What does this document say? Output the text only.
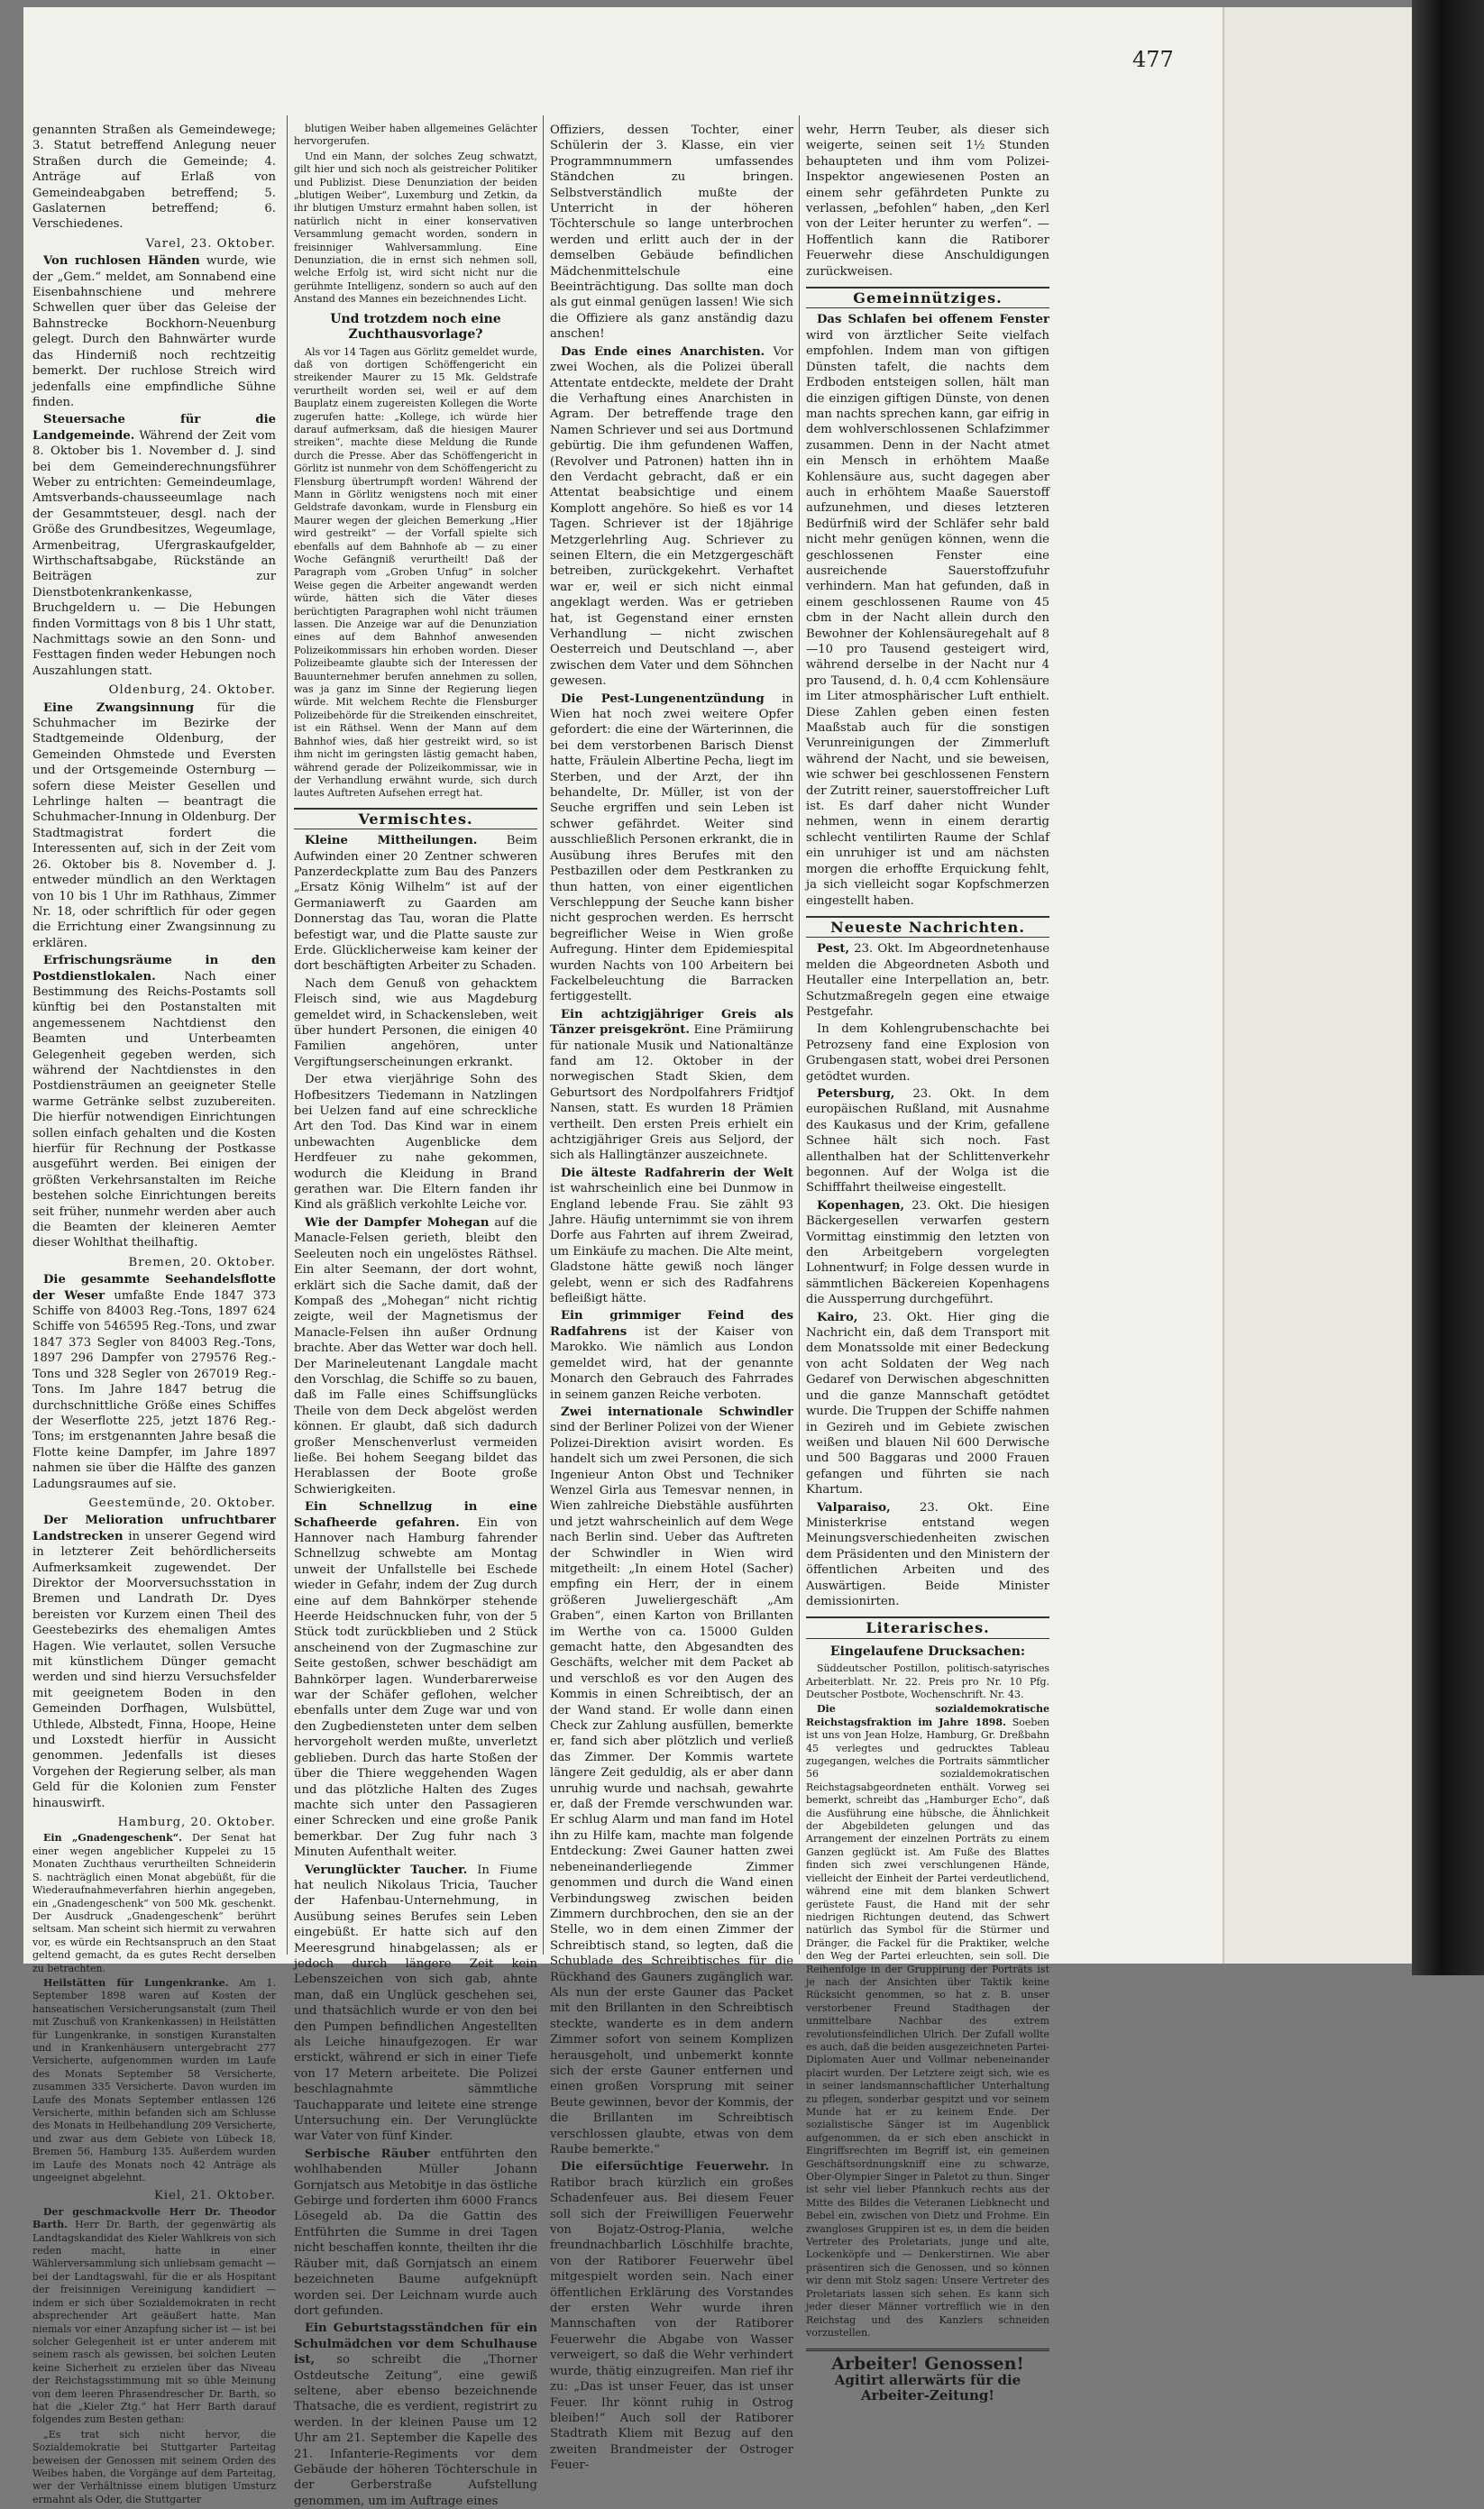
477

genannten Straßen als Gemeindewege; 3. Statut betreffend Anlegung neuer Straßen durch die Gemeinde; 4. Anträge auf Erlaß von Gemeindeabgaben betreffend; 5. Gaslaternen betreffend; 6. Verschiedenes.

Varel, 23. Oktober.

Von ruchlosen Händen wurde, wie der „Gem.“ meldet, am Sonnabend eine Eisenbahnschiene und mehrere Schwellen quer über das Geleise der Bahnstrecke Bockhorn-Neuenburg gelegt. Durch den Bahnwärter wurde das Hinderniß noch rechtzeitig bemerkt. Der ruchlose Streich wird jedenfalls eine empfindliche Sühne finden.

Steuersache für die Landgemeinde. Während der Zeit vom 8. Oktober bis 1. November d. J. sind bei dem Gemeinderechnungsführer Weber zu entrichten: Gemeindeumlage, Amtsverbands-chausseeumlage nach der Gesammtsteuer, desgl. nach der Größe des Grundbesitzes, Wegeumlage, Armenbeitrag, Ufergraskaufgelder, Wirthschaftsabgabe, Rückstände an Beiträgen zur Dienstbotenkrankenkasse, Bruchgeldern u. — Die Hebungen finden Vormittags von 8 bis 1 Uhr statt, Nachmittags sowie an den Sonn- und Festtagen finden weder Hebungen noch Auszahlungen statt.

Oldenburg, 24. Oktober.

Eine Zwangsinnung für die Schuhmacher im Bezirke der Stadtgemeinde Oldenburg, der Gemeinden Ohmstede und Eversten und der Ortsgemeinde Osternburg — sofern diese Meister Gesellen und Lehrlinge halten — beantragt die Schuhmacher-Innung in Oldenburg. Der Stadtmagistrat fordert die Interessenten auf, sich in der Zeit vom 26. Oktober bis 8. November d. J. entweder mündlich an den Werktagen von 10 bis 1 Uhr im Rathhaus, Zimmer Nr. 18, oder schriftlich für oder gegen die Errichtung einer Zwangsinnung zu erklären.

Erfrischungsräume in den Postdienstlokalen. Nach einer Bestimmung des Reichs-Postamts soll künftig bei den Postanstalten mit angemessenem Nachtdienst den Beamten und Unterbeamten Gelegenheit gegeben werden, sich während der Nachtdienstes in den Postdiensträumen an geeigneter Stelle warme Getränke selbst zuzubereiten. Die hierfür notwendigen Einrichtungen sollen einfach gehalten und die Kosten hierfür für Rechnung der Postkasse ausgeführt werden. Bei einigen der größten Verkehrsanstalten im Reiche bestehen solche Einrichtungen bereits seit früher, nunmehr werden aber auch die Beamten der kleineren Aemter dieser Wohlthat theilhaftig.

Bremen, 20. Oktober.

Die gesammte Seehandelsflotte der Weser umfaßte Ende 1847 373 Schiffe von 84003 Reg.-Tons, 1897 624 Schiffe von 546595 Reg.-Tons, und zwar 1847 373 Segler von 84003 Reg.-Tons, 1897 296 Dampfer von 279576 Reg.-Tons und 328 Segler von 267019 Reg.-Tons. Im Jahre 1847 betrug die durchschnittliche Größe eines Schiffes der Weserflotte 225, jetzt 1876 Reg.-Tons; im erstgenannten Jahre besaß die Flotte keine Dampfer, im Jahre 1897 nahmen sie über die Hälfte des ganzen Ladungsraumes auf sie.

Geestemünde, 20. Oktober.

Der Melioration unfruchtbarer Landstrecken in unserer Gegend wird in letzterer Zeit behördlicherseits Aufmerksamkeit zugewendet. Der Direktor der Moorversuchsstation in Bremen und Landrath Dr. Dyes bereisten vor Kurzem einen Theil des Geestebezirks des ehemaligen Amtes Hagen. Wie verlautet, sollen Versuche mit künstlichem Dünger gemacht werden und sind hierzu Versuchsfelder mit geeignetem Boden in den Gemeinden Dorfhagen, Wulsbüttel, Uthlede, Albstedt, Finna, Hoope, Heine und Loxstedt hierfür in Aussicht genommen. Jedenfalls ist dieses Vorgehen der Regierung selber, als man Geld für die Kolonien zum Fenster hinauswirft.

Hamburg, 20. Oktober.

Ein „Gnadengeschenk“. Der Senat hat einer wegen angeblicher Kuppelei zu 15 Monaten Zuchthaus verurtheilten Schneiderin S. nachträglich einen Monat abgebüßt, für die Wiederaufnahmeverfahren hierhin angegeben, ein „Gnadengeschenk“ von 500 Mk. geschenkt. Der Ausdruck „Gnadengeschenk“ berührt seltsam. Man scheint sich hiermit zu verwahren vor, es würde ein Rechtsanspruch an den Staat geltend gemacht, da es gutes Recht derselben zu betrachten.

Heilstätten für Lungenkranke. Am 1. September 1898 waren auf Kosten der hanseatischen Versicherungsanstalt (zum Theil mit Zuschuß von Krankenkassen) in Heilstätten für Lungenkranke, in sonstigen Kuranstalten und in Krankenhäusern untergebracht 277 Versicherte, aufgenommen wurden im Laufe des Monats September 58 Versicherte, zusammen 335 Versicherte. Davon wurden im Laufe des Monats September entlassen 126 Versicherte, mithin befanden sich am Schlusse des Monats in Heilbehandlung 209 Versicherte, und zwar aus dem Gebiete von Lübeck 18, Bremen 56, Hamburg 135. Außerdem wurden im Laufe des Monats noch 42 Anträge als ungeeignet abgelehnt.

Kiel, 21. Oktober.

Der geschmackvolle Herr Dr. Theodor Barth. Herr Dr. Barth, der gegenwärtig als Landtagskandidat des Kieler Wahlkreis von sich reden macht, hatte in einer Wählerversammlung sich unliebsam gemacht — bei der Landtagswahl, für die er als Hospitant der freisinnigen Vereinigung kandidiert — indem er sich über Sozialdemokraten in recht absprechender Art geäußert hatte. Man niemals vor einer Anzapfung sicher ist — ist bei solcher Gelegenheit ist er unter anderem mit seinem rasch als gewissen, bei solchen Leuten keine Sicherheit zu erzielen über das Niveau der Reichstagsstimmung mit so üble Meinung von dem leeren Phrasendrescher Dr. Barth, so hat die „Kieler Ztg.“ hat Herr Barth darauf folgendes zum Besten gethan:

„Es trat sich nicht hervor, die Sozialdemokratie bei Stuttgarter Parteitag beweisen der Genossen mit seinem Orden des Weibes haben, die Vorgänge auf dem Parteitag, wer der Verhältnisse einem blutigen Umsturz ermahnt als Oder, die Stuttgarter

blutigen Weiber haben allgemeines Gelächter hervorgerufen.

Und ein Mann, der solches Zeug schwatzt, gilt hier und sich noch als geistreicher Politiker und Publizist. Diese Denunziation der beiden „blutigen Weiber“, Luxemburg und Zetkin, da ihr blutigen Umsturz ermahnt haben sollen, ist natürlich nicht in einer konservativen Versammlung gemacht worden, sondern in freisinniger Wahlversammlung. Eine Denunziation, die in ernst sich nehmen soll, welche Erfolg ist, wird sicht nicht nur die gerühmte Intelligenz, sondern so auch auf den Anstand des Mannes ein bezeichnendes Licht.

Und trotzdem noch eine Zuchthausvorlage?

Als vor 14 Tagen aus Görlitz gemeldet wurde, daß von dortigen Schöffengericht ein streikender Maurer zu 15 Mk. Geldstrafe verurtheilt worden sei, weil er auf dem Bauplatz einem zugereisten Kollegen die Worte zugerufen hatte: „Kollege, ich würde hier darauf aufmerksam, daß die hiesigen Maurer streiken“, machte diese Meldung die Runde durch die Presse. Aber das Schöffengericht in Görlitz ist nunmehr von dem Schöffengericht zu Flensburg übertrumpft worden! Während der Mann in Görlitz wenigstens noch mit einer Geldstrafe davonkam, wurde in Flensburg ein Maurer wegen der gleichen Bemerkung „Hier wird gestreikt“ — der Vorfall spielte sich ebenfalls auf dem Bahnhofe ab — zu einer Woche Gefängniß verurtheilt! Daß der Paragraph vom „Groben Unfug“ in solcher Weise gegen die Arbeiter angewandt werden würde, hätten sich die Väter dieses berüchtigten Paragraphen wohl nicht träumen lassen. Die Anzeige war auf die Denunziation eines auf dem Bahnhof anwesenden Polizeikommissars hin erhoben worden. Dieser Polizeibeamte glaubte sich der Interessen der Bauunternehmer berufen annehmen zu sollen, was ja ganz im Sinne der Regierung liegen würde. Mit welchem Rechte die Flensburger Polizeibehörde für die Streikenden einschreitet, ist ein Räthsel. Wenn der Mann auf dem Bahnhof wies, daß hier gestreikt wird, so ist ihm nicht im geringsten lästig gemacht haben, während gerade der Polizeikommissar, wie in der Verhandlung erwähnt wurde, sich durch lautes Auftreten Aufsehen erregt hat.

Vermischtes.

Kleine Mittheilungen. Beim Aufwinden einer 20 Zentner schweren Panzerdeckplatte zum Bau des Panzers „Ersatz König Wilhelm“ ist auf der Germaniawerft zu Gaarden am Donnerstag das Tau, woran die Platte befestigt war, und die Platte sauste zur Erde. Glücklicherweise kam keiner der dort beschäftigten Arbeiter zu Schaden.

Nach dem Genuß von gehacktem Fleisch sind, wie aus Magdeburg gemeldet wird, in Schackensleben, weit über hundert Personen, die einigen 40 Familien angehören, unter Vergiftungserscheinungen erkrankt.

Der etwa vierjährige Sohn des Hofbesitzers Tiedemann in Natzlingen bei Uelzen fand auf eine schreckliche Art den Tod. Das Kind war in einem unbewachten Augenblicke dem Herdfeuer zu nahe gekommen, wodurch die Kleidung in Brand gerathen war. Die Eltern fanden ihr Kind als gräßlich verkohlte Leiche vor.

Wie der Dampfer Mohegan auf die Manacle-Felsen gerieth, bleibt den Seeleuten noch ein ungelöstes Räthsel. Ein alter Seemann, der dort wohnt, erklärt sich die Sache damit, daß der Kompaß des „Mohegan“ nicht richtig zeigte, weil der Magnetismus der Manacle-Felsen ihn außer Ordnung brachte. Aber das Wetter war doch hell. Der Marineleutenant Langdale macht den Vorschlag, die Schiffe so zu bauen, daß im Falle eines Schiffsunglücks Theile von dem Deck abgelöst werden können. Er glaubt, daß sich dadurch großer Menschenverlust vermeiden ließe. Bei hohem Seegang bildet das Herablassen der Boote große Schwierigkeiten.

Ein Schnellzug in eine Schafheerde gefahren. Ein von Hannover nach Hamburg fahrender Schnellzug schwebte am Montag unweit der Unfallstelle bei Eschede wieder in Gefahr, indem der Zug durch eine auf dem Bahnkörper stehende Heerde Heidschnucken fuhr, von der 5 Stück todt zurückblieben und 2 Stück anscheinend von der Zugmaschine zur Seite gestoßen, schwer beschädigt am Bahnkörper lagen. Wunderbarerweise war der Schäfer geflohen, welcher ebenfalls unter dem Zuge war und von den Zugbediensteten unter dem selben hervorgeholt werden mußte, unverletzt geblieben. Durch das harte Stoßen der über die Thiere weggehenden Wagen und das plötzliche Halten des Zuges machte sich unter den Passagieren einer Schrecken und eine große Panik bemerkbar. Der Zug fuhr nach 3 Minuten Aufenthalt weiter.

Verunglückter Taucher. In Fiume hat neulich Nikolaus Tricia, Taucher der Hafenbau-Unternehmung, in Ausübung seines Berufes sein Leben eingebüßt. Er hatte sich auf den Meeresgrund hinabgelassen; als er jedoch durch längere Zeit kein Lebenszeichen von sich gab, ahnte man, daß ein Unglück geschehen sei, und thatsächlich wurde er von den bei den Pumpen befindlichen Angestellten als Leiche hinaufgezogen. Er war erstickt, während er sich in einer Tiefe von 17 Metern arbeitete. Die Polizei beschlagnahmte sämmtliche Tauchapparate und leitete eine strenge Untersuchung ein. Der Verunglückte war Vater von fünf Kinder.

Serbische Räuber entführten den wohlhabenden Müller Johann Gornjatsch aus Metobitje in das östliche Gebirge und forderten ihm 6000 Francs Lösegeld ab. Da die Gattin des Entführten die Summe in drei Tagen nicht beschaffen konnte, theilten ihr die Räuber mit, daß Gornjatsch an einem bezeichneten Baume aufgeknüpft worden sei. Der Leichnam wurde auch dort gefunden.

Ein Geburtstagsständchen für ein Schulmädchen vor dem Schulhause ist, so schreibt die „Thorner Ostdeutsche Zeitung“, eine gewiß seltene, aber ebenso bezeichnende Thatsache, die es verdient, registrirt zu werden. In der kleinen Pause um 12 Uhr am 21. September die Kapelle des 21. Infanterie-Regiments vor dem Gebäude der höheren Töchterschule in der Gerberstraße Aufstellung genommen, um im Auftrage eines

Offiziers, dessen Tochter, einer Schülerin der 3. Klasse, ein vier Programmnummern umfassendes Ständchen zu bringen. Selbstverständlich mußte der Unterricht in der höheren Töchterschule so lange unterbrochen werden und erlitt auch der in der demselben Gebäude befindlichen Mädchenmittelschule eine Beeinträchtigung. Das sollte man doch als gut einmal genügen lassen! Wie sich die Offiziere als ganz anständig dazu anschen!

Das Ende eines Anarchisten. Vor zwei Wochen, als die Polizei überall Attentate entdeckte, meldete der Draht die Verhaftung eines Anarchisten in Agram. Der betreffende trage den Namen Schriever und sei aus Dortmund gebürtig. Die ihm gefundenen Waffen, (Revolver und Patronen) hatten ihn in den Verdacht gebracht, daß er ein Attentat beabsichtige und einem Komplott angehöre. So hieß es vor 14 Tagen. Schriever ist der 18jährige Metzgerlehrling Aug. Schriever zu seinen Eltern, die ein Metzgergeschäft betreiben, zurückgekehrt. Verhaftet war er, weil er sich nicht einmal angeklagt werden. Was er getrieben hat, ist Gegenstand einer ernsten Verhandlung — nicht zwischen Oesterreich und Deutschland —, aber zwischen dem Vater und dem Söhnchen gewesen.

Die Pest-Lungenentzündung in Wien hat noch zwei weitere Opfer gefordert: die eine der Wärterinnen, die bei dem verstorbenen Barisch Dienst hatte, Fräulein Albertine Pecha, liegt im Sterben, und der Arzt, der ihn behandelte, Dr. Müller, ist von der Seuche ergriffen und sein Leben ist schwer gefährdet. Weiter sind ausschließlich Personen erkrankt, die in Ausübung ihres Berufes mit den Pestbazillen oder dem Pestkranken zu thun hatten, von einer eigentlichen Verschleppung der Seuche kann bisher nicht gesprochen werden. Es herrscht begreiflicher Weise in Wien große Aufregung. Hinter dem Epidemiespital wurden Nachts von 100 Arbeitern bei Fackelbeleuchtung die Barracken fertiggestellt.

Ein achtzigjähriger Greis als Tänzer preisgekrönt. Eine Prämiirung für nationale Musik und Nationaltänze fand am 12. Oktober in der norwegischen Stadt Skien, dem Geburtsort des Nordpolfahrers Fridtjof Nansen, statt. Es wurden 18 Prämien vertheilt. Den ersten Preis erhielt ein achtzigjähriger Greis aus Seljord, der sich als Hallingtänzer auszeichnete.

Die älteste Radfahrerin der Welt ist wahrscheinlich eine bei Dunmow in England lebende Frau. Sie zählt 93 Jahre. Häufig unternimmt sie von ihrem Dorfe aus Fahrten auf ihrem Zweirad, um Einkäufe zu machen. Die Alte meint, Gladstone hätte gewiß noch länger gelebt, wenn er sich des Radfahrens befleißigt hätte.

Ein grimmiger Feind des Radfahrens ist der Kaiser von Marokko. Wie nämlich aus London gemeldet wird, hat der genannte Monarch den Gebrauch des Fahrrades in seinem ganzen Reiche verboten.

Zwei internationale Schwindler sind der Berliner Polizei von der Wiener Polizei-Direktion avisirt worden. Es handelt sich um zwei Personen, die sich Ingenieur Anton Obst und Techniker Wenzel Girla aus Temesvar nennen, in Wien zahlreiche Diebstähle ausführten und jetzt wahrscheinlich auf dem Wege nach Berlin sind. Ueber das Auftreten der Schwindler in Wien wird mitgetheilt: „In einem Hotel (Sacher) empfing ein Herr, der in einem größeren Juweliergeschäft „Am Graben“, einen Karton von Brillanten im Werthe von ca. 15000 Gulden gemacht hatte, den Abgesandten des Geschäfts, welcher mit dem Packet ab und verschloß es vor den Augen des Kommis in einen Schreibtisch, der an der Wand stand. Er wolle dann einen Check zur Zahlung ausfüllen, bemerkte er, fand sich aber plötzlich und verließ das Zimmer. Der Kommis wartete längere Zeit geduldig, als er aber dann unruhig wurde und nachsah, gewahrte er, daß der Fremde verschwunden war. Er schlug Alarm und man fand im Hotel ihn zu Hilfe kam, machte man folgende Entdeckung: Zwei Gauner hatten zwei nebeneinanderliegende Zimmer genommen und durch die Wand einen Verbindungsweg zwischen beiden Zimmern durchbrochen, den sie an der Stelle, wo in dem einen Zimmer der Schreibtisch stand, so legten, daß die Schublade des Schreibtisches für die Rückhand des Gauners zugänglich war. Als nun der erste Gauner das Packet mit den Brillanten in den Schreibtisch steckte, wanderte es in dem andern Zimmer sofort von seinem Komplizen herausgeholt, und unbemerkt konnte sich der erste Gauner entfernen und einen großen Vorsprung mit seiner Beute gewinnen, bevor der Kommis, der die Brillanten im Schreibtisch verschlossen glaubte, etwas von dem Raube bemerkte.“

Die eifersüchtige Feuerwehr. In Ratibor brach kürzlich ein großes Schadenfeuer aus. Bei diesem Feuer soll sich der Freiwilligen Feuerwehr von Bojatz-Ostrog-Plania, welche freundnachbarlich Löschhilfe brachte, von der Ratiborer Feuerwehr übel mitgespielt worden sein. Nach einer öffentlichen Erklärung des Vorstandes der ersten Wehr wurde ihren Mannschaften von der Ratiborer Feuerwehr die Abgabe von Wasser verweigert, so daß die Wehr verhindert wurde, thätig einzugreifen. Man rief ihr zu: „Das ist unser Feuer, das ist unser Feuer. Ihr könnt ruhig in Ostrog bleiben!“ Auch soll der Ratiborer Stadtrath Kliem mit Bezug auf den zweiten Brandmeister der Ostroger Feuer-

wehr, Herrn Teuber, als dieser sich weigerte, seinen seit 1½ Stunden behaupteten und ihm vom Polizei-Inspektor angewiesenen Posten an einem sehr gefährdeten Punkte zu verlassen, „befohlen“ haben, „den Kerl von der Leiter herunter zu werfen“. — Hoffentlich kann die Ratiborer Feuerwehr diese Anschuldigungen zurückweisen.

Gemeinnütziges.

Das Schlafen bei offenem Fenster wird von ärztlicher Seite vielfach empfohlen. Indem man von giftigen Dünsten tafelt, die nachts dem Erdboden entsteigen sollen, hält man die einzigen giftigen Dünste, von denen man nachts sprechen kann, gar eifrig in dem wohlverschlossenen Schlafzimmer zusammen. Denn in der Nacht atmet ein Mensch in erhöhtem Maaße Kohlensäure aus, sucht dagegen aber auch in erhöhtem Maaße Sauerstoff aufzunehmen, und dieses letzteren Bedürfniß wird der Schläfer sehr bald nicht mehr genügen können, wenn die geschlossenen Fenster eine ausreichende Sauerstoffzufuhr verhindern. Man hat gefunden, daß in einem geschlossenen Raume von 45 cbm in der Nacht allein durch den Bewohner der Kohlensäuregehalt auf 8—10 pro Tausend gesteigert wird, während derselbe in der Nacht nur 4 pro Tausend, d. h. 0,4 ccm Kohlensäure im Liter atmosphärischer Luft enthielt. Diese Zahlen geben einen festen Maaßstab auch für die sonstigen Verunreinigungen der Zimmerluft während der Nacht, und sie beweisen, wie schwer bei geschlossenen Fenstern der Zutritt reiner, sauerstoffreicher Luft ist. Es darf daher nicht Wunder nehmen, wenn in einem derartig schlecht ventilirten Raume der Schlaf ein unruhiger ist und am nächsten morgen die erhoffte Erquickung fehlt, ja sich vielleicht sogar Kopfschmerzen eingestellt haben.

Neueste Nachrichten.

Pest, 23. Okt. Im Abgeordnetenhause melden die Abgeordneten Asboth und Heutaller eine Interpellation an, betr. Schutzmaßregeln gegen eine etwaige Pestgefahr.

In dem Kohlengrubenschachte bei Petrozseny fand eine Explosion von Grubengasen statt, wobei drei Personen getödtet wurden.

Petersburg, 23. Okt. In dem europäischen Rußland, mit Ausnahme des Kaukasus und der Krim, gefallene Schnee hält sich noch. Fast allenthalben hat der Schlittenverkehr begonnen. Auf der Wolga ist die Schifffahrt theilweise eingestellt.

Kopenhagen, 23. Okt. Die hiesigen Bäckergesellen verwarfen gestern Vormittag einstimmig den letzten von den Arbeitgebern vorgelegten Lohnentwurf; in Folge dessen wurde in sämmtlichen Bäckereien Kopenhagens die Aussperrung durchgeführt.

Kairo, 23. Okt. Hier ging die Nachricht ein, daß dem Transport mit dem Monatssolde mit einer Bedeckung von acht Soldaten der Weg nach Gedaref von Derwischen abgeschnitten und die ganze Mannschaft getödtet wurde. Die Truppen der Schiffe nahmen in Gezireh und im Gebiete zwischen weißen und blauen Nil 600 Derwische und 500 Baggaras und 2000 Frauen gefangen und führten sie nach Khartum.

Valparaiso, 23. Okt. Eine Ministerkrise entstand wegen Meinungsverschiedenheiten zwischen dem Präsidenten und den Ministern der öffentlichen Arbeiten und des Auswärtigen. Beide Minister demissionirten.

Literarisches.
Eingelaufene Drucksachen:

Süddeutscher Postillon, politisch-satyrisches Arbeiterblatt. Nr. 22. Preis pro Nr. 10 Pfg. Deutscher Postbote, Wochenschrift. Nr. 43.

Die sozialdemokratische Reichstagsfraktion im Jahre 1898. Soeben ist uns von Jean Holze, Hamburg, Gr. Dreßbahn 45 verlegtes und gedrucktes Tableau zugegangen, welches die Portraits sämmtlicher 56 sozialdemokratischen Reichstagsabgeordneten enthält. Vorweg sei bemerkt, schreibt das „Hamburger Echo“, daß die Ausführung eine hübsche, die Ähnlichkeit der Abgebildeten gelungen und das Arrangement der einzelnen Porträts zu einem Ganzen geglückt ist. Am Fuße des Blattes finden sich zwei verschlungenen Hände, vielleicht der Einheit der Partei verdeutlichend, während eine mit dem blanken Schwert gerüstete Faust, die Hand mit der sehr niedrigen Richtungen deutend, das Schwert natürlich das Symbol für die Stürmer und Dränger, die Fackel für die Praktiker, welche den Weg der Partei erleuchten, sein soll. Die Reihenfolge in der Gruppirung der Porträts ist je nach der Ansichten über Taktik keine Rücksicht genommen, so hat z. B. unser verstorbener Freund Stadthagen der unmittelbare Nachbar des extrem revolutionsfeindlichen Ulrich. Der Zufall wollte es auch, daß die beiden ausgezeichneten Partei-Diplomaten Auer und Vollmar nebeneinander placirt wurden. Der Letztere zeigt sich, wie es in seiner landsmannschaftlicher Unterhaltung zu pflegen, sonderbar gespitzt und vor seinem Munde hat er zu keinem Ende. Der sozialistische Sänger ist im Augenblick aufgenommen, da er sich eben anschickt in Eingriffsrechten im Begriff ist, ein gemeinen Geschäftsordnungskniff eine zu schwarze, Ober-Olympier Singer in Paletot zu thun. Singer ist sehr viel lieber Pfannkuch rechts aus der Mitte des Bildes die Veteranen Liebknecht und Bebel ein, zwischen von Dietz und Frohme. Ein zwangloses Gruppiren ist es, in dem die beiden Vertreter des Proletariats, junge und alte, Lockenköpfe und — Denkerstirnen. Wie aber präsentiren sich die Genossen, und so können wir denn mit Stolz sagen: Unsere Vertreter des Proletariats lassen sich sehen. Es kann sich jeder dieser Männer vortrefflich wie in den Reichstag und des Kanzlers schneiden vorzustellen.

Arbeiter! Genossen!
Agitirt allerwärts für die Arbeiter-Zeitung!
